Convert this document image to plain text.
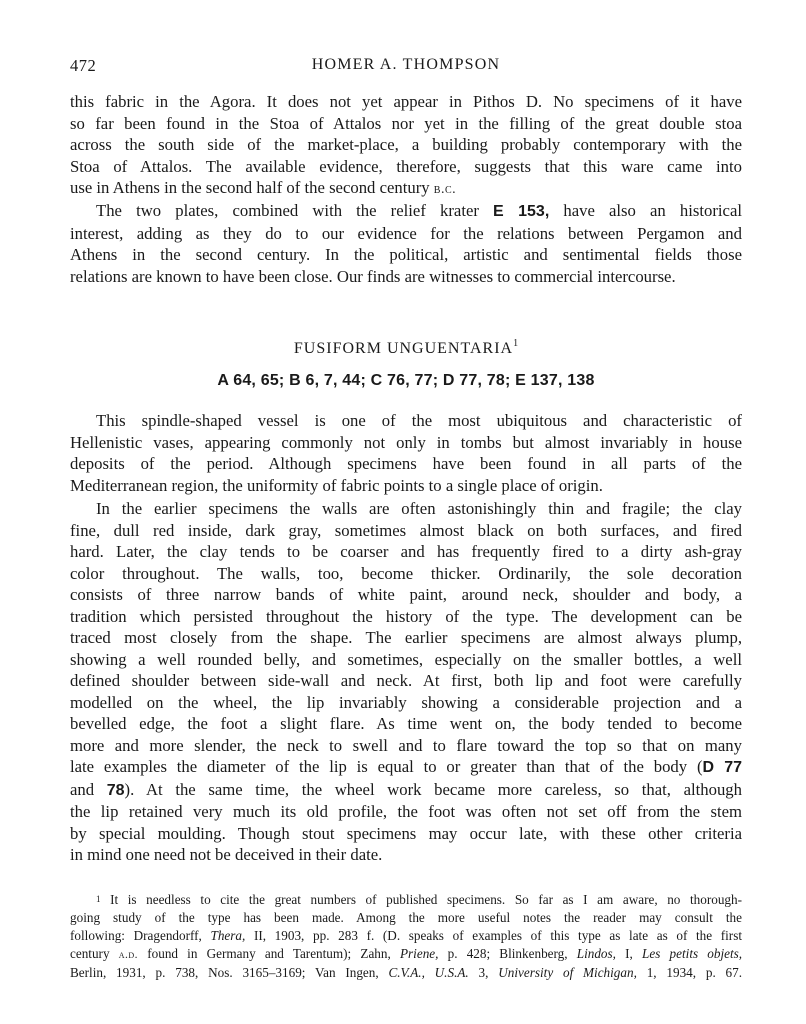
472	HOMER A. THOMPSON
this fabric in the Agora. It does not yet appear in Pithos D. No specimens of it have
so far been found in the Stoa of Attalos nor yet in the filling of the great double stoa
across the south side of the market-place, a building probably contemporary with the
Stoa of Attalos. The available evidence, therefore, suggests that this ware came into
use in Athens in the second half of the second century b.c.
The two plates, combined with the relief krater E 153, have also an historical
interest, adding as they do to our evidence for the relations between Pergamon and
Athens in the second century. In the political, artistic and sentimental fields those
relations are known to have been close. Our finds are witnesses to commercial intercourse.
FUSIFORM UNGUENTARIA$^1$
A 64, 65; B 6, 7, 44; C 76, 77; D 77, 78; E 137, 138
This spindle-shaped vessel is one of the most ubiquitous and characteristic of
Hellenistic vases, appearing commonly not only in tombs but almost invariably in house
deposits of the period. Although specimens have been found in all parts of the
Mediterranean region, the uniformity of fabric points to a single place of origin.
In the earlier specimens the walls are often astonishingly thin and fragile; the clay
fine, dull red inside, dark gray, sometimes almost black on both surfaces, and fired
hard. Later, the clay tends to be coarser and has frequently fired to a dirty ash-gray
color throughout. The walls, too, become thicker. Ordinarily, the sole decoration
consists of three narrow bands of white paint, around neck, shoulder and body, a
tradition which persisted throughout the history of the type. The development can be
traced most closely from the shape. The earlier specimens are almost always plump,
showing a well rounded belly, and sometimes, especially on the smaller bottles, a well
defined shoulder between side-wall and neck. At first, both lip and foot were carefully
modelled on the wheel, the lip invariably showing a considerable projection and a
bevelled edge, the foot a slight flare. As time went on, the body tended to become
more and more slender, the neck to swell and to flare toward the top so that on many
late examples the diameter of the lip is equal to or greater than that of the body (D 77
and 78). At the same time, the wheel work became more careless, so that, although
the lip retained very much its old profile, the foot was often not set off from the stem
by special moulding. Though stout specimens may occur late, with these other criteria
in mind one need not be deceived in their date.
$^1$ It is needless to cite the great numbers of published specimens. So far as I am aware, no thorough-
going study of the type has been made. Among the more useful notes the reader may consult the
following: Dragendorff, Thera, II, 1903, pp. 283 f. (D. speaks of examples of this type as late as of the first
century a.d. found in Germany and Tarentum); Zahn, Priene, p. 428; Blinkenberg, Lindos, I, Les petits objets,
Berlin, 1931, p. 738, Nos. 3165–3169; Van Ingen, C.V.A., U.S.A. 3, University of Michigan, 1, 1934, p. 67.
